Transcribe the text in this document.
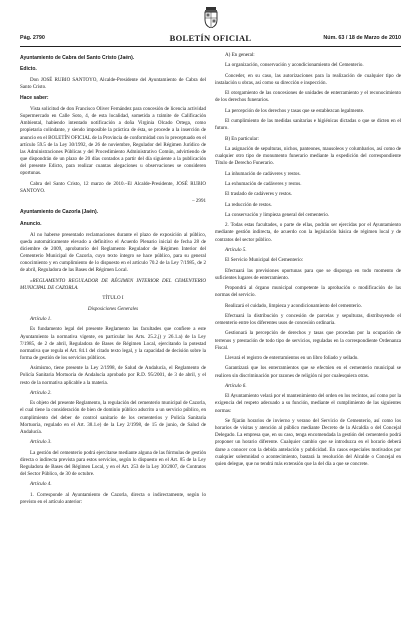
Pág. 2790	BOLETÍN OFICIAL	Núm. 63 / 18 de Marzo de 2010

Ayuntamiento de Cabra del Santo Cristo (Jaén).

Edicto.

Don JOSÉ RUBIO SANTOYO, Alcalde-Presidente del Ayuntamiento de Cabra del Santo Cristo.

Hace saber:

Vista solicitud de don Francisco Oliver Fernández para concesión de licencia actividad Supermercado en Calle Soto, 4, de esta localidad, sometida a trámite de Calificación Ambiental, habiendo intentado notificación a doña Virginia Olcado Ortega, como propietaria colindante, y siendo imposible la práctica de ésta, se procede a la inserción de anuncio en el BOLETÍN OFICIAL de la Provincia de conformidad con lo preceptuado en el artículo 59.5 de la Ley 30/1992, de 26 de noviembre, Regulador del Régimen Jurídico de las Administraciones Públicas y del Procedimiento Administrativo Común, advirtiendo de que dispondrán de un plazo de 20 días contados a partir del día siguiente a la publicación del presente Edicto, para realizar cuantas alegaciones u observaciones se consideren oportunas.

Cabra del Santo Cristo, 12 marzo de 2010.–El Alcalde-Presidente, JOSÉ RUBIO SANTOYO.

– 2991

Ayuntamiento de Cazorla (Jaén).

Anuncio.

Al no haberse presentado reclamaciones durante el plazo de exposición al público, queda automáticamente elevado a definitivo el Acuerdo Plenario inicial de fecha 28 de diciembre de 2009, aprobatorio del Reglamento Regulador de Régimen Interior del Cementerio Municipal de Cazorla, cuyo texto íntegro se hace público, para su general conocimiento y en cumplimiento de lo dispuesto en el artículo 70.2 de la Ley 7/1985, de 2 de abril, Reguladora de las Bases del Régimen Local.

«REGLAMENTO REGULADOR DE RÉGIMEN INTERIOR DEL CEMENTERIO MUNICIPAL DE CAZORLA.

TÍTULO I

Disposiciones Generales

Artículo 1.

Es fundamento legal del presente Reglamento las facultades que confiere a este Ayuntamiento la normativa vigente, en particular los Arts. 25.2.j) y 26.1.a) de la Ley 7/1985, de 2 de abril, Reguladora de Bases de Régimen Local, ejercitando la potestad normativa que regula el Art. 84.1 del citado texto legal, y la capacidad de decisión sobre la forma de gestión de los servicios públicos.

Asimismo, tiene presente la Ley 2/1998, de Salud de Andalucía, el Reglamento de Policía Sanitaria Mortuoria de Andalucía aprobado por R.D. 95/2001, de 3 de abril, y el resto de la normativa aplicable a la materia.

Artículo 2.

Es objeto del presente Reglamento, la regulación del cementerio municipal de Cazorla, el cual tiene la consideración de bien de dominio público adscrito a un servicio público, en cumplimiento del deber de control sanitario de los cementerios y Policía Sanitaria Mortuoria, regulado en el Art. 38.1.e) de la Ley 2/1998, de 15 de junio, de Salud de Andalucía.

Artículo 3.

La gestión del cementerio podrá ejercitarse mediante alguna de las fórmulas de gestión directa o indirecta prevista para estos servicios, según lo dispuesto en el Art. 85 de la Ley Reguladora de Bases del Régimen Local, y en el Art. 253 de la Ley 30/2007, de Contratos del Sector Público, de 30 de octubre.

Artículo 4.

1. Corresponde al Ayuntamiento de Cazorla, directa o indirectamente, según lo previsto en el artículo anterior:

A) En general:

La organización, conservación y acondicionamiento del Cementerio.

Conceder, en su caso, las autorizaciones para la realización de cualquier tipo de instalación u obras, así como su dirección e inspección.

El otorgamiento de las concesiones de unidades de enterramiento y el reconocimiento de los derechos funerarios.

La percepción de los derechos y tasas que se establezcan legalmente.

El cumplimiento de las medidas sanitarias e higiénicas dictadas o que se dicten en el futuro.

B) En particular:

La asignación de sepulturas, nichos, panteones, mausoleos y columbarios, así como de cualquier otro tipo de monumento funerario mediante la expedición del correspondiente Título de Derecho Funerario.

La inhumación de cadáveres y restos.

La exhumación de cadáveres y restos.

El traslado de cadáveres y restos.

La reducción de restos.

La conservación y limpieza general del cementerio.

2. Todas estas facultades, o parte de ellas, podrán ser ejercidas por el Ayuntamiento mediante gestión indirecta, de acuerdo con la legislación básica de régimen local y de contratos del sector público.

Artículo 5.

El Servicio Municipal del Cementerio:

Efectuará las previsiones oportunas para que se disponga en todo momento de suficientes lugares de enterramiento.

Propondrá al órgano municipal competente la aprobación o modificación de las normas del servicio.

Realizará el cuidado, limpieza y acondicionamiento del cementerio.

Efectuará la distribución y concesión de parcelas y sepulturas, distribuyendo el cementerio entre los diferentes usos de concesión ordinaria.

Gestionará la percepción de derechos y tasas que procedan por la ocupación de terrenos y prestación de todo tipo de servicios, reguladas en la correspondiente Ordenanza Fiscal.

Llevará el registro de enterramientos en un libro foliado y sellado.

Garantizará que los enterramientos que se efectúen en el cementerio municipal se realicen sin discriminación por razones de religión ni por cualesquiera otras.

Artículo 6.

El Ayuntamiento velará por el mantenimiento del orden en los recintos, así como por la exigencia del respeto adecuado a su función, mediante el cumplimiento de las siguientes normas:

Se fijarán horarios de invierno y verano del Servicio de Cementerio, así como los horarios de visitas y atención al público mediante Decreto de la Alcaldía o del Concejal Delegado. La empresa que, en su caso, tenga encomendada la gestión del cementerio podrá proponer un horario diferente. Cualquier cambio que se introduzca en el horario deberá darse a conocer con la debida antelación y publicidad. En casos especiales motivados por cualquier solemnidad o acontecimiento, bastará la resolución del Alcalde o Concejal en quien delegue, que no tendrá más extensión que la del día a que se concrete.
